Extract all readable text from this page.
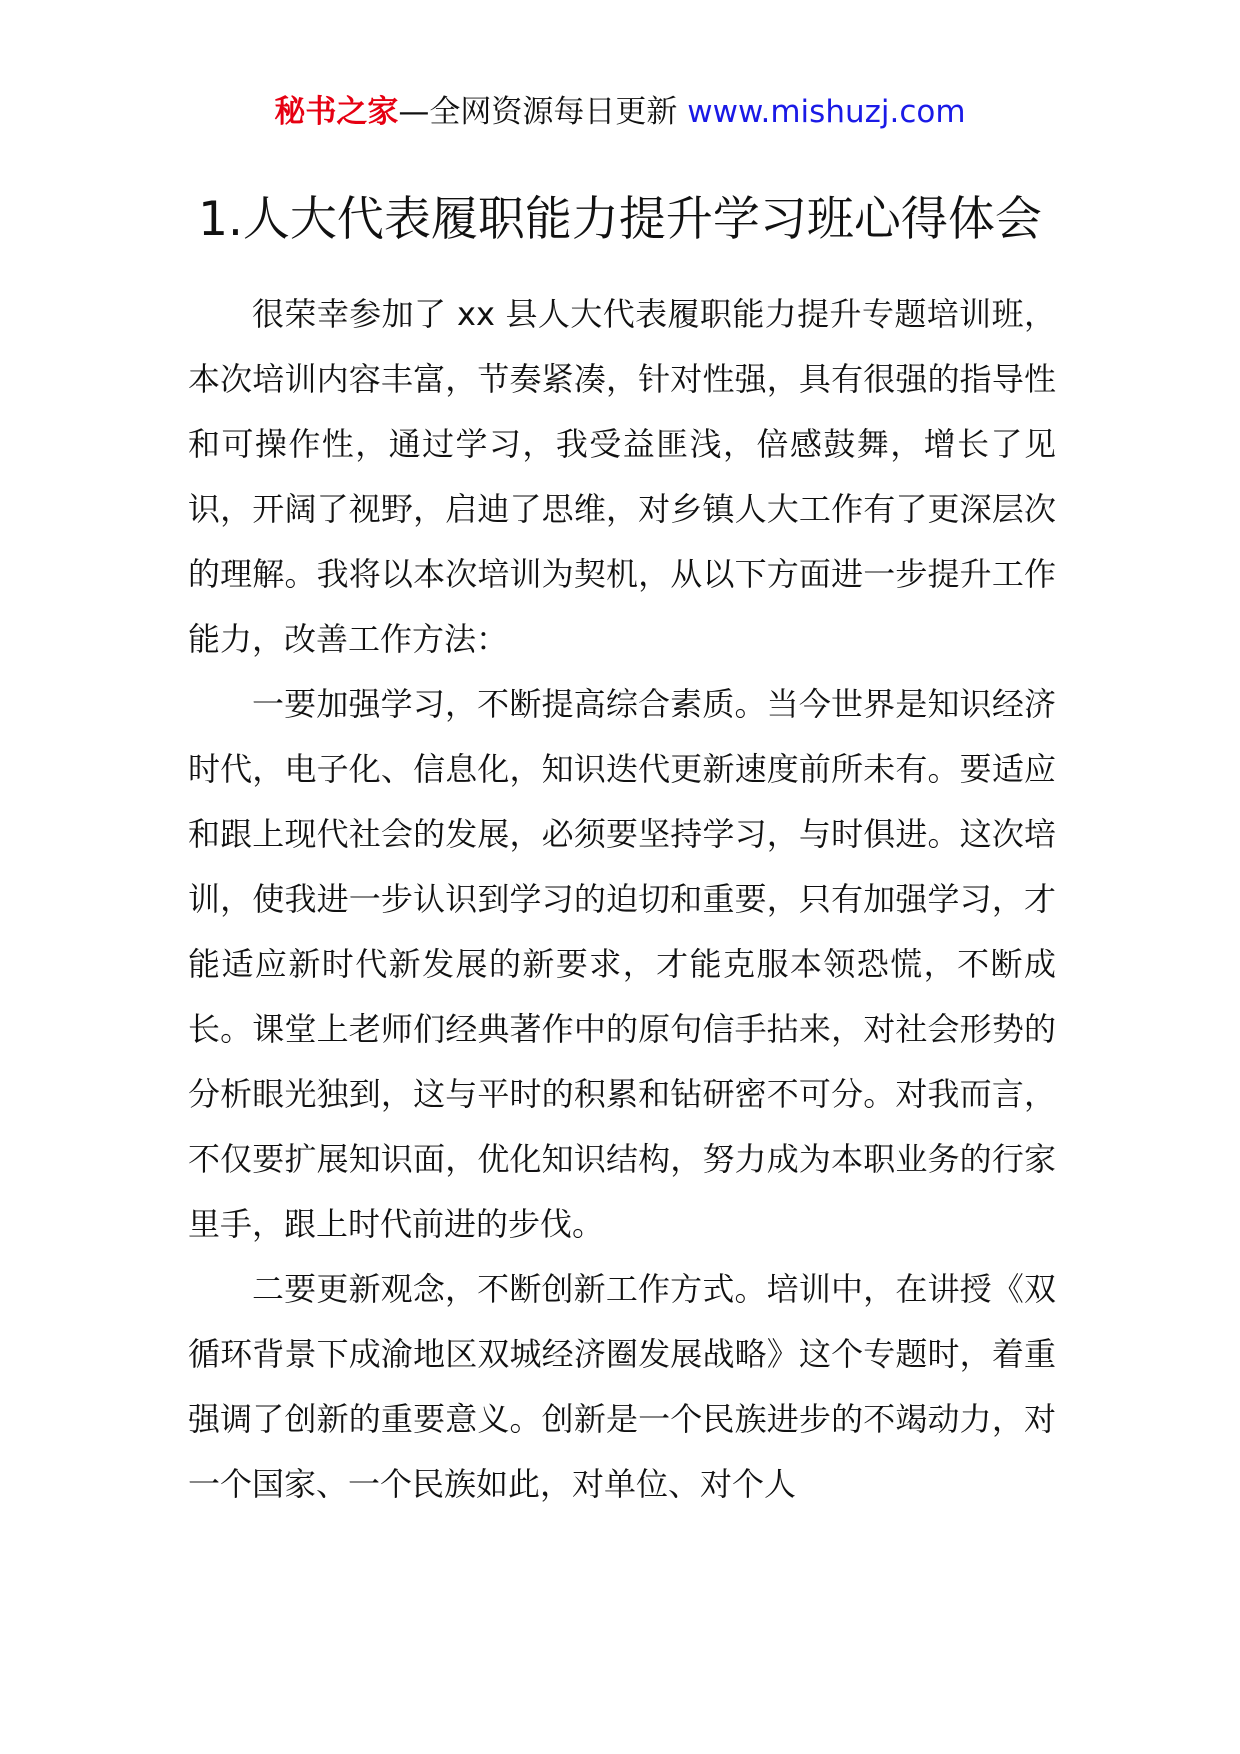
秘书之家—全网资源每日更新 www.mishuzj.com
1.人大代表履职能力提升学习班心得体会

很荣幸参加了 xx 县人大代表履职能力提升专题培训班，本次培训内容丰富，节奏紧凑，针对性强，具有很强的指导性和可操作性，通过学习，我受益匪浅，倍感鼓舞，增长了见识，开阔了视野，启迪了思维，对乡镇人大工作有了更深层次的理解。我将以本次培训为契机，从以下方面进一步提升工作能力，改善工作方法：

一要加强学习，不断提高综合素质。当今世界是知识经济时代，电子化、信息化，知识迭代更新速度前所未有。要适应和跟上现代社会的发展，必须要坚持学习，与时俱进。这次培训，使我进一步认识到学习的迫切和重要，只有加强学习，才能适应新时代新发展的新要求，才能克服本领恐慌，不断成长。课堂上老师们经典著作中的原句信手拈来，对社会形势的分析眼光独到，这与平时的积累和钻研密不可分。对我而言，不仅要扩展知识面，优化知识结构，努力成为本职业务的行家里手，跟上时代前进的步伐。

二要更新观念，不断创新工作方式。培训中，在讲授《双循环背景下成渝地区双城经济圈发展战略》这个专题时，着重强调了创新的重要意义。创新是一个民族进步的不竭动力，对一个国家、一个民族如此，对单位、对个人
